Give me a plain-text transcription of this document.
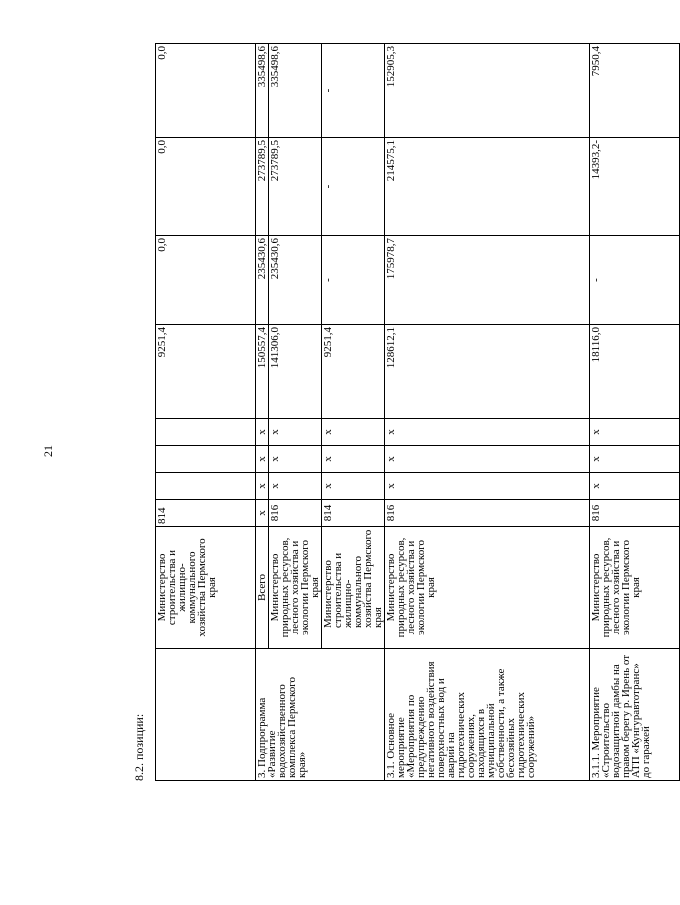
21
8.2. позиции:
	Министерство строительства и жилищно-коммунального хозяйства Пермского края	814				9251,4	0,0	0,0	0,0
3. Подпрограмма «Развитие водохозяйственного комплекса Пермского края»	Всего	х	х	х	х	150557,4	235430,6	273789,5	335498,6
	Министерство природных ресурсов, лесного хозяйства и экологии Пермского края	816	х	х	х	141306,0	235430,6	273789,5	335498,6

	Министерство строительства и жилищно-коммунального хозяйства Пермского края	814	х	х	х	9251,4	-	-	-
3.1. Основное мероприятие «Мероприятия по предупреждению негативного воздействия поверхностных вод и аварий на гидротехнических сооружениях, находящихся в муниципальной собственности, а также бесхозяйных гидротехнических сооружений»	Министерство природных ресурсов, лесного хозяйства и экологии Пермского края	816	х	х	х	128612,1	175978,7	214575,1	152905,3
3.1.1. Мероприятие «Строительство водозащитной дамбы на правом берегу р. Ирень от АТП «Кунгуравтотранс» до гаражей	Министерство природных ресурсов, лесного хозяйства и экологии Пермского края	816	х	х	х	18116,0	-	14393,2-	7950,4
